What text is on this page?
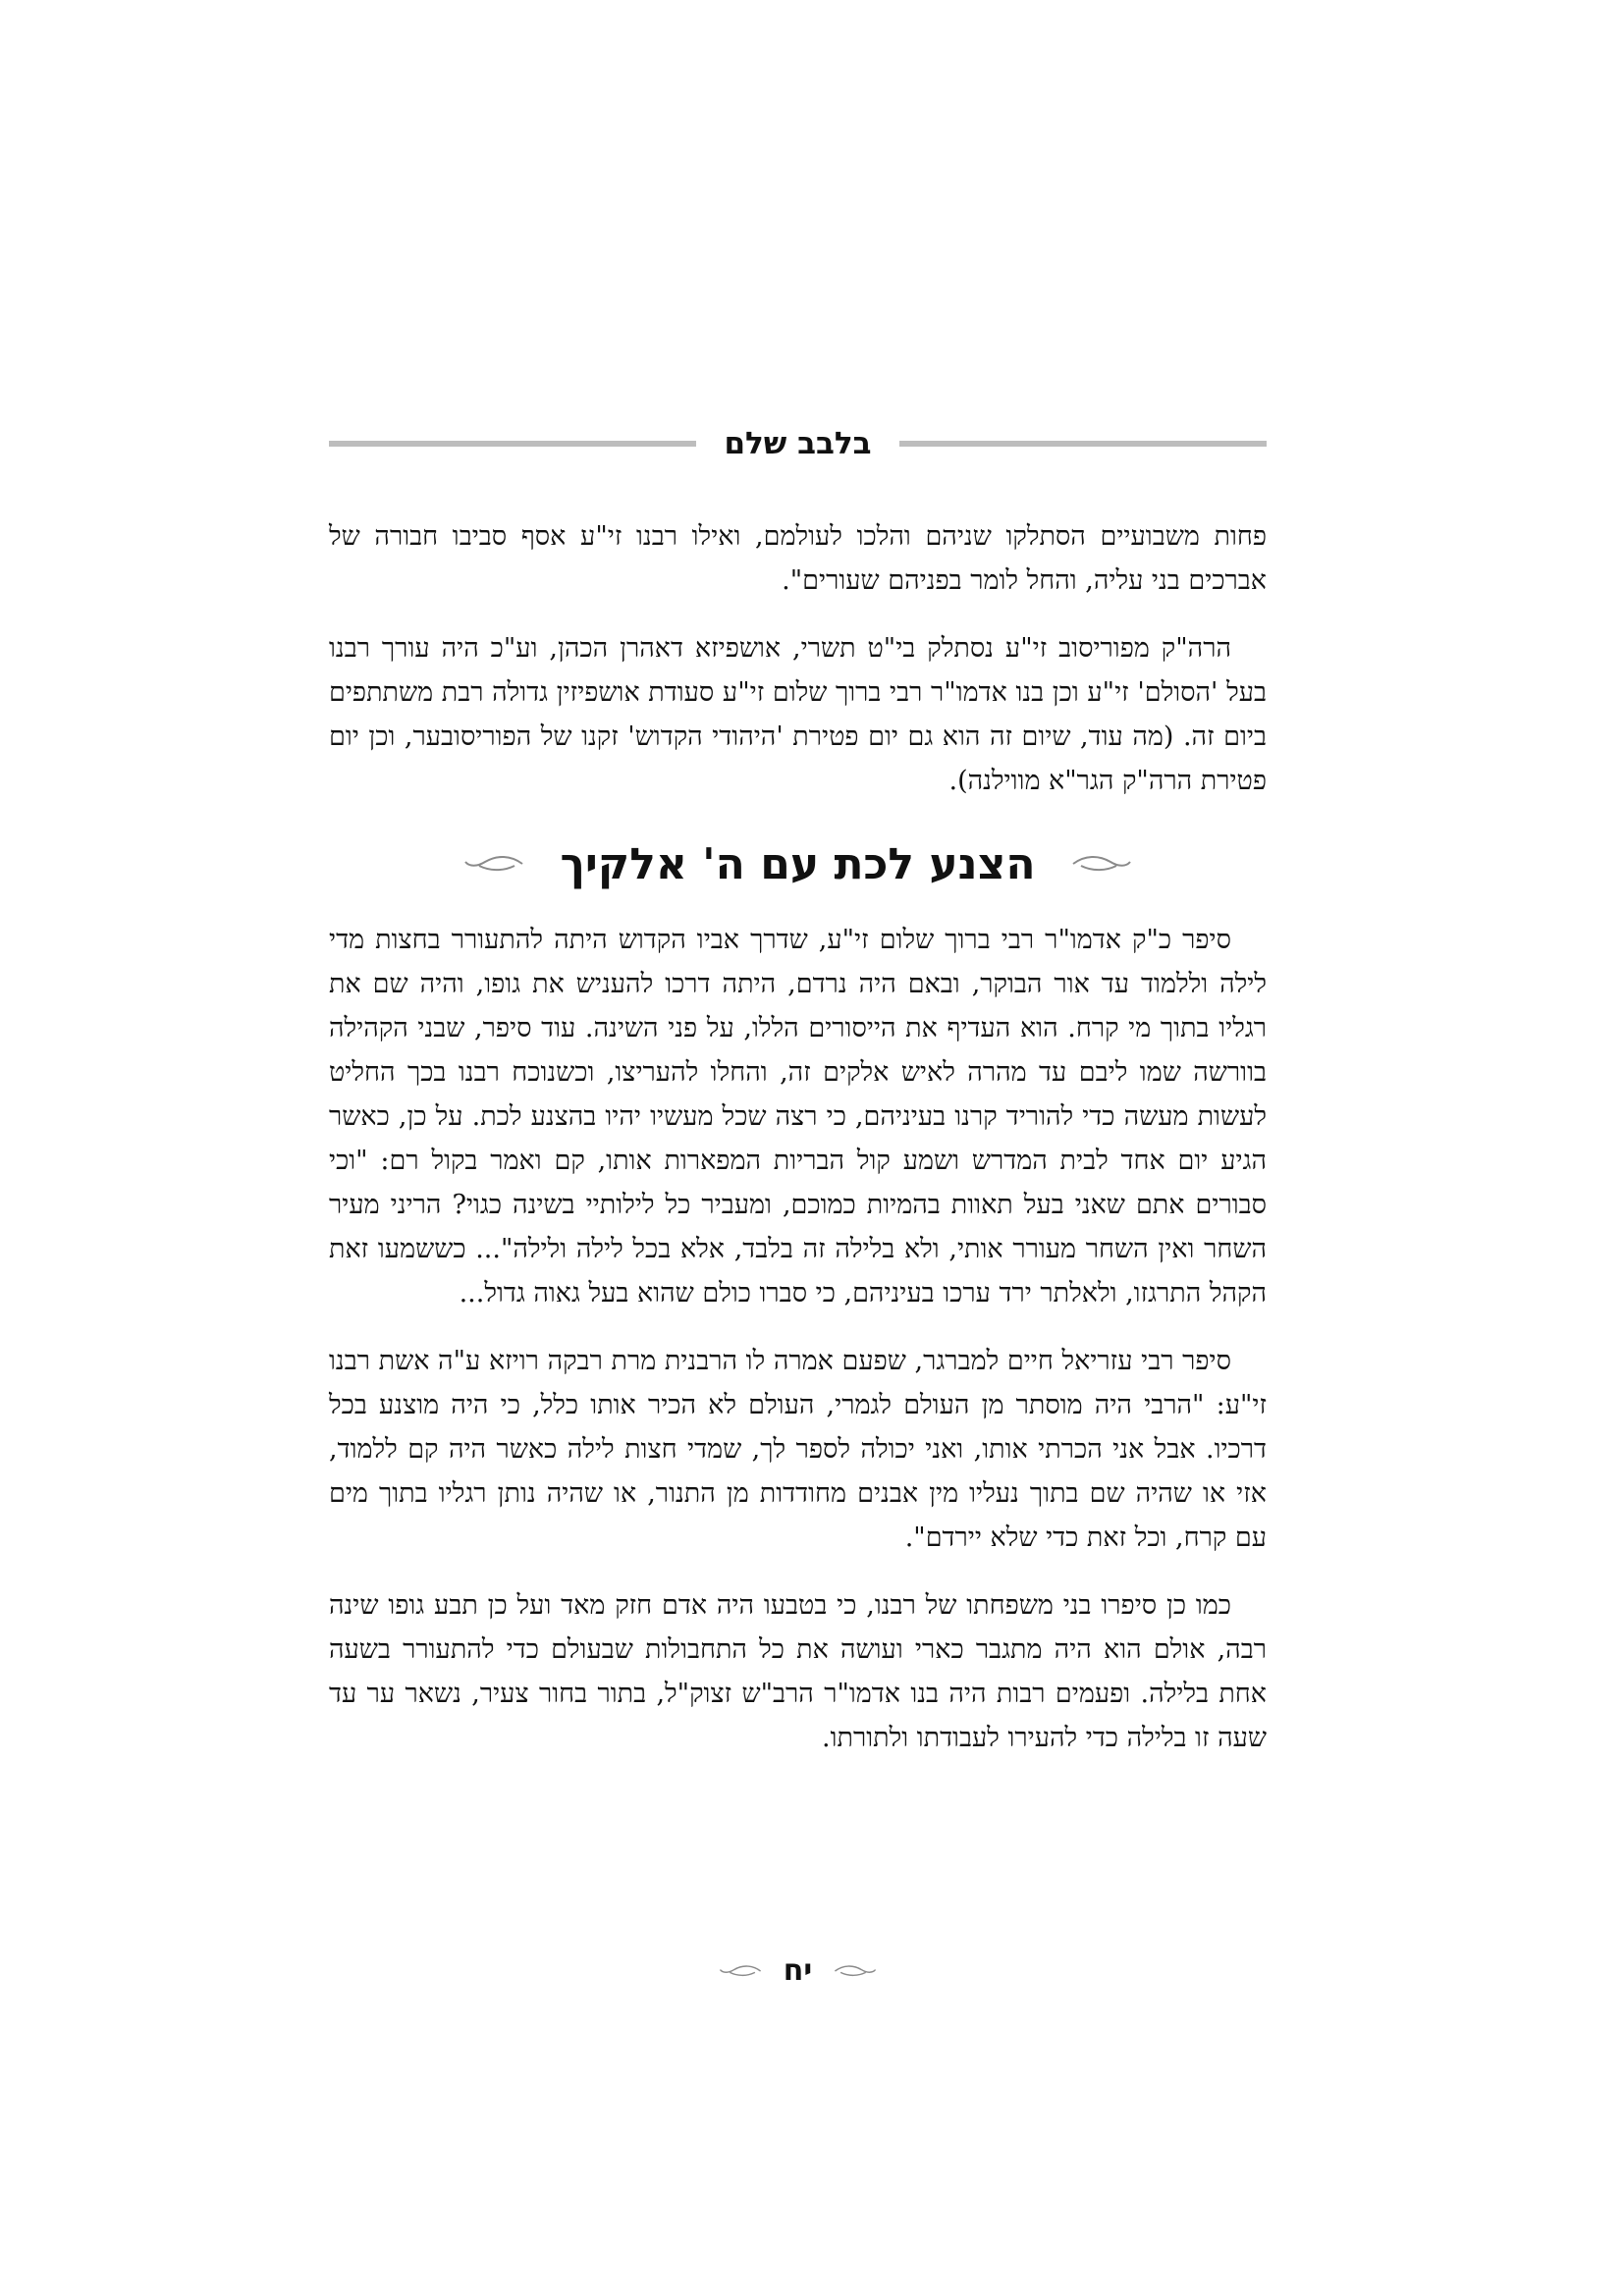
בלבב שלם

פחות משבועיים הסתלקו שניהם והלכו לעולמם, ואילו רבנו זי"ע אסף סביבו חבורה של אברכים בני עליה, והחל לומר בפניהם שעורים".

הרה"ק מפוריסוב זי"ע נסתלק בי"ט תשרי, אושפיזא דאהרן הכהן, וע"כ היה עורך רבנו בעל 'הסולם' זי"ע וכן בנו אדמו"ר רבי ברוך שלום זי"ע סעודת אושפיזין גדולה רבת משתתפים ביום זה. (מה עוד, שיום זה הוא גם יום פטירת 'היהודי הקדוש' זקנו של הפוריסובער, וכן יום פטירת הרה"ק הגר"א מווילנה).

הצנע לכת עם ה' אלקיך

סיפר כ"ק אדמו"ר רבי ברוך שלום זי"ע, שדרך אביו הקדוש היתה להתעורר בחצות מדי לילה וללמוד עד אור הבוקר, ובאם היה נרדם, היתה דרכו להעניש את גופו, והיה שם את רגליו בתוך מי קרח. הוא העדיף את הייסורים הללו, על פני השינה. עוד סיפר, שבני הקהילה בוורשה שמו ליבם עד מהרה לאיש אלקים זה, והחלו להעריצו, וכשנוכח רבנו בכך החליט לעשות מעשה כדי להוריד קרנו בעיניהם, כי רצה שכל מעשיו יהיו בהצנע לכת. על כן, כאשר הגיע יום אחד לבית המדרש ושמע קול הבריות המפארות אותו, קם ואמר בקול רם: "וכי סבורים אתם שאני בעל תאוות בהמיות כמוכם, ומעביר כל לילותיי בשינה כגוי? הריני מעיר השחר ואין השחר מעורר אותי, ולא בלילה זה בלבד, אלא בכל לילה ולילה"... כששמעו זאת הקהל התרגזו, ולאלתר ירד ערכו בעיניהם, כי סברו כולם שהוא בעל גאוה גדול...

סיפר רבי עזריאל חיים למברגר, שפעם אמרה לו הרבנית מרת רבקה רויזא ע"ה אשת רבנו זי"ע: "הרבי היה מוסתר מן העולם לגמרי, העולם לא הכיר אותו כלל, כי היה מוצנע בכל דרכיו. אבל אני הכרתי אותו, ואני יכולה לספר לך, שמדי חצות לילה כאשר היה קם ללמוד, אזי או שהיה שם בתוך נעליו מין אבנים מחודדות מן התנור, או שהיה נותן רגליו בתוך מים עם קרח, וכל זאת כדי שלא יירדם".

כמו כן סיפרו בני משפחתו של רבנו, כי בטבעו היה אדם חזק מאד ועל כן תבע גופו שינה רבה, אולם הוא היה מתגבר כארי ועושה את כל התחבולות שבעולם כדי להתעורר בשעה אחת בלילה. ופעמים רבות היה בנו אדמו"ר הרב"ש זצוק"ל, בתור בחור צעיר, נשאר ער עד שעה זו בלילה כדי להעירו לעבודתו ולתורתו.

יח
